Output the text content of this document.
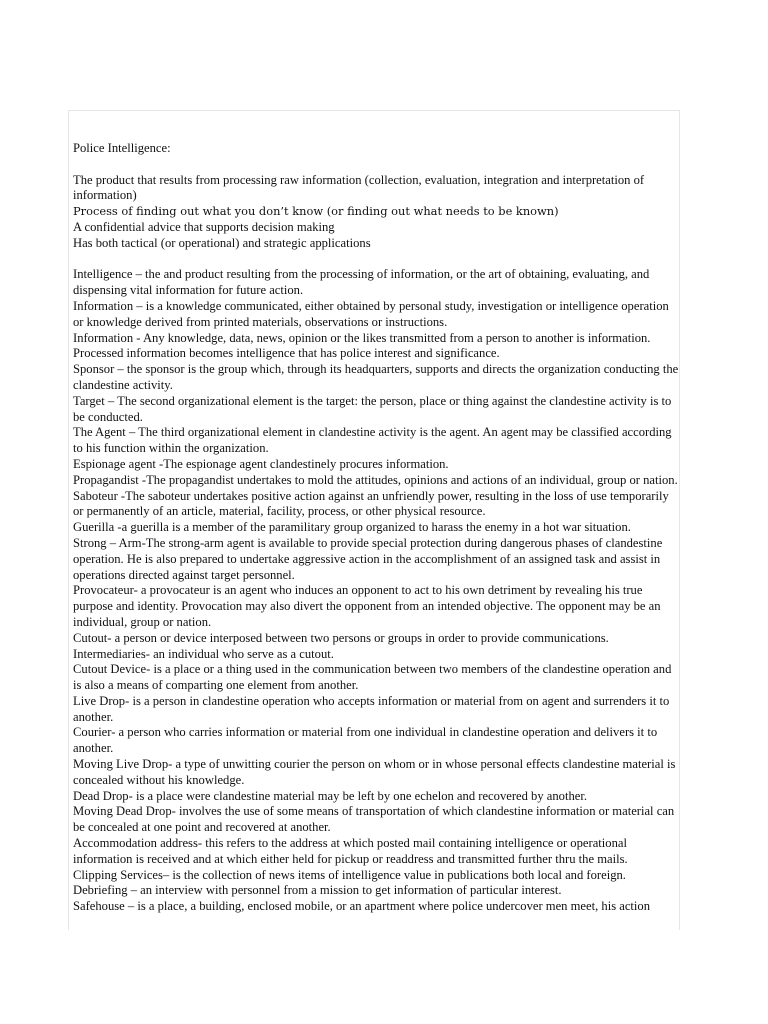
Police Intelligence:

The product that results from processing raw information (collection, evaluation, integration and interpretation of information)

Process of finding out what you don’t know (or finding out what needs to be known)

A confidential advice that supports decision making

Has both tactical (or operational) and strategic applications

Intelligence – the and product resulting from the processing of information, or the art of obtaining, evaluating, and dispensing vital information for future action.

Information – is a knowledge communicated, either obtained by personal study, investigation or intelligence operation or knowledge derived from printed materials, observations or instructions.

Information - Any knowledge, data, news, opinion or the likes transmitted from a person to another is information. Processed information becomes intelligence that has police interest and significance.

Sponsor – the sponsor is the group which, through its headquarters, supports and directs the organization conducting the clandestine activity.

Target – The second organizational element is the target: the person, place or thing against the clandestine activity is to be conducted.

The Agent – The third organizational element in clandestine activity is the agent. An agent may be classified according to his function within the organization.

Espionage agent -The espionage agent clandestinely procures information.

Propagandist -The propagandist undertakes to mold the attitudes, opinions and actions of an individual, group or nation.

Saboteur -The saboteur undertakes positive action against an unfriendly power, resulting in the loss of use temporarily or permanently of an article, material, facility, process, or other physical resource.

Guerilla -a guerilla is a member of the paramilitary group organized to harass the enemy in a hot war situation.

Strong – Arm-The strong-arm agent is available to provide special protection during dangerous phases of clandestine operation. He is also prepared to undertake aggressive action in the accomplishment of an assigned task and assist in operations directed against target personnel.

Provocateur- a provocateur is an agent who induces an opponent to act to his own detriment by revealing his true purpose and identity. Provocation may also divert the opponent from an intended objective. The opponent may be an individual, group or nation.

Cutout- a person or device interposed between two persons or groups in order to provide communications.

Intermediaries- an individual who serve as a cutout.

Cutout Device- is a place or a thing used in the communication between two members of the clandestine operation and is also a means of comparting one element from another.

Live Drop- is a person in clandestine operation who accepts information or material from on agent and surrenders it to another.

Courier- a person who carries information or material from one individual in clandestine operation and delivers it to another.

Moving Live Drop- a type of unwitting courier the person on whom or in whose personal effects clandestine material is concealed without his knowledge.

Dead Drop- is a place were clandestine material may be left by one echelon and recovered by another.

Moving Dead Drop- involves the use of some means of transportation of which clandestine information or material can be concealed at one point and recovered at another.

Accommodation address- this refers to the address at which posted mail containing intelligence or operational information is received and at which either held for pickup or readdress and transmitted further thru the mails.

Clipping Services– is the collection of news items of intelligence value in publications both local and foreign.

Debriefing – an interview with personnel from a mission to get information of particular interest.

Safehouse – is a place, a building, enclosed mobile, or an apartment where police undercover men meet, his action
